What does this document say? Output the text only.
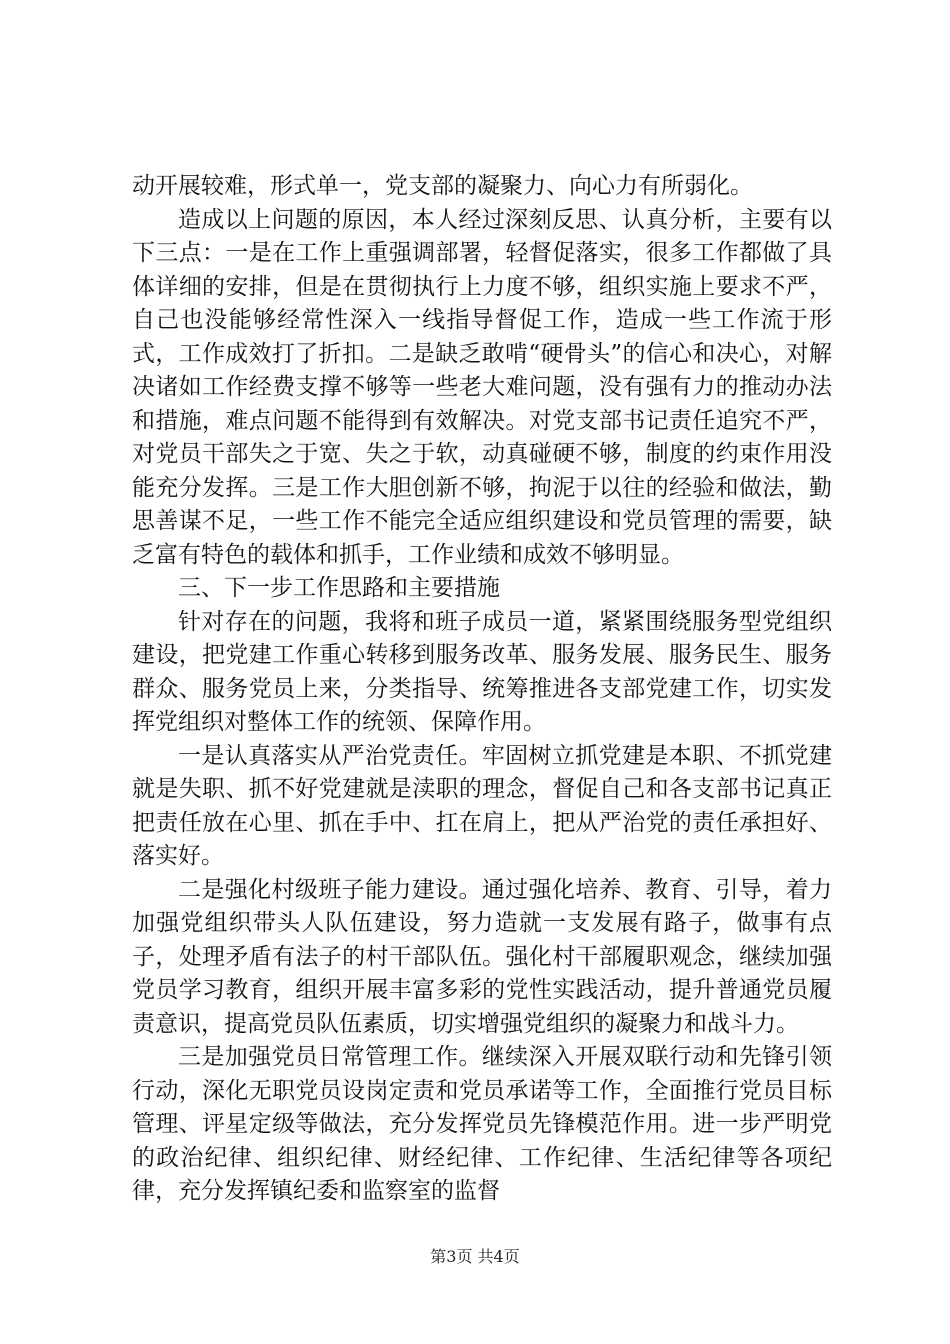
动开展较难，形式单一，党支部的凝聚力、向心力有所弱化。

造成以上问题的原因，本人经过深刻反思、认真分析，主要有以下三点：一是在工作上重强调部署，轻督促落实，很多工作都做了具体详细的安排，但是在贯彻执行上力度不够，组织实施上要求不严，自己也没能够经常性深入一线指导督促工作，造成一些工作流于形式，工作成效打了折扣。二是缺乏敢啃“硬骨头”的信心和决心，对解决诸如工作经费支撑不够等一些老大难问题，没有强有力的推动办法和措施，难点问题不能得到有效解决。对党支部书记责任追究不严，对党员干部失之于宽、失之于软，动真碰硬不够，制度的约束作用没能充分发挥。三是工作大胆创新不够，拘泥于以往的经验和做法，勤思善谋不足，一些工作不能完全适应组织建设和党员管理的需要，缺乏富有特色的载体和抓手，工作业绩和成效不够明显。

三、下一步工作思路和主要措施

针对存在的问题，我将和班子成员一道，紧紧围绕服务型党组织建设，把党建工作重心转移到服务改革、服务发展、服务民生、服务群众、服务党员上来，分类指导、统筹推进各支部党建工作，切实发挥党组织对整体工作的统领、保障作用。

一是认真落实从严治党责任。牢固树立抓党建是本职、不抓党建就是失职、抓不好党建就是渎职的理念，督促自己和各支部书记真正把责任放在心里、抓在手中、扛在肩上，把从严治党的责任承担好、落实好。

二是强化村级班子能力建设。通过强化培养、教育、引导，着力加强党组织带头人队伍建设，努力造就一支发展有路子，做事有点子，处理矛盾有法子的村干部队伍。强化村干部履职观念，继续加强党员学习教育，组织开展丰富多彩的党性实践活动，提升普通党员履责意识，提高党员队伍素质，切实增强党组织的凝聚力和战斗力。

三是加强党员日常管理工作。继续深入开展双联行动和先锋引领行动，深化无职党员设岗定责和党员承诺等工作，全面推行党员目标管理、评星定级等做法，充分发挥党员先锋模范作用。进一步严明党的政治纪律、组织纪律、财经纪律、工作纪律、生活纪律等各项纪律，充分发挥镇纪委和监察室的监督

第3页 共4页
